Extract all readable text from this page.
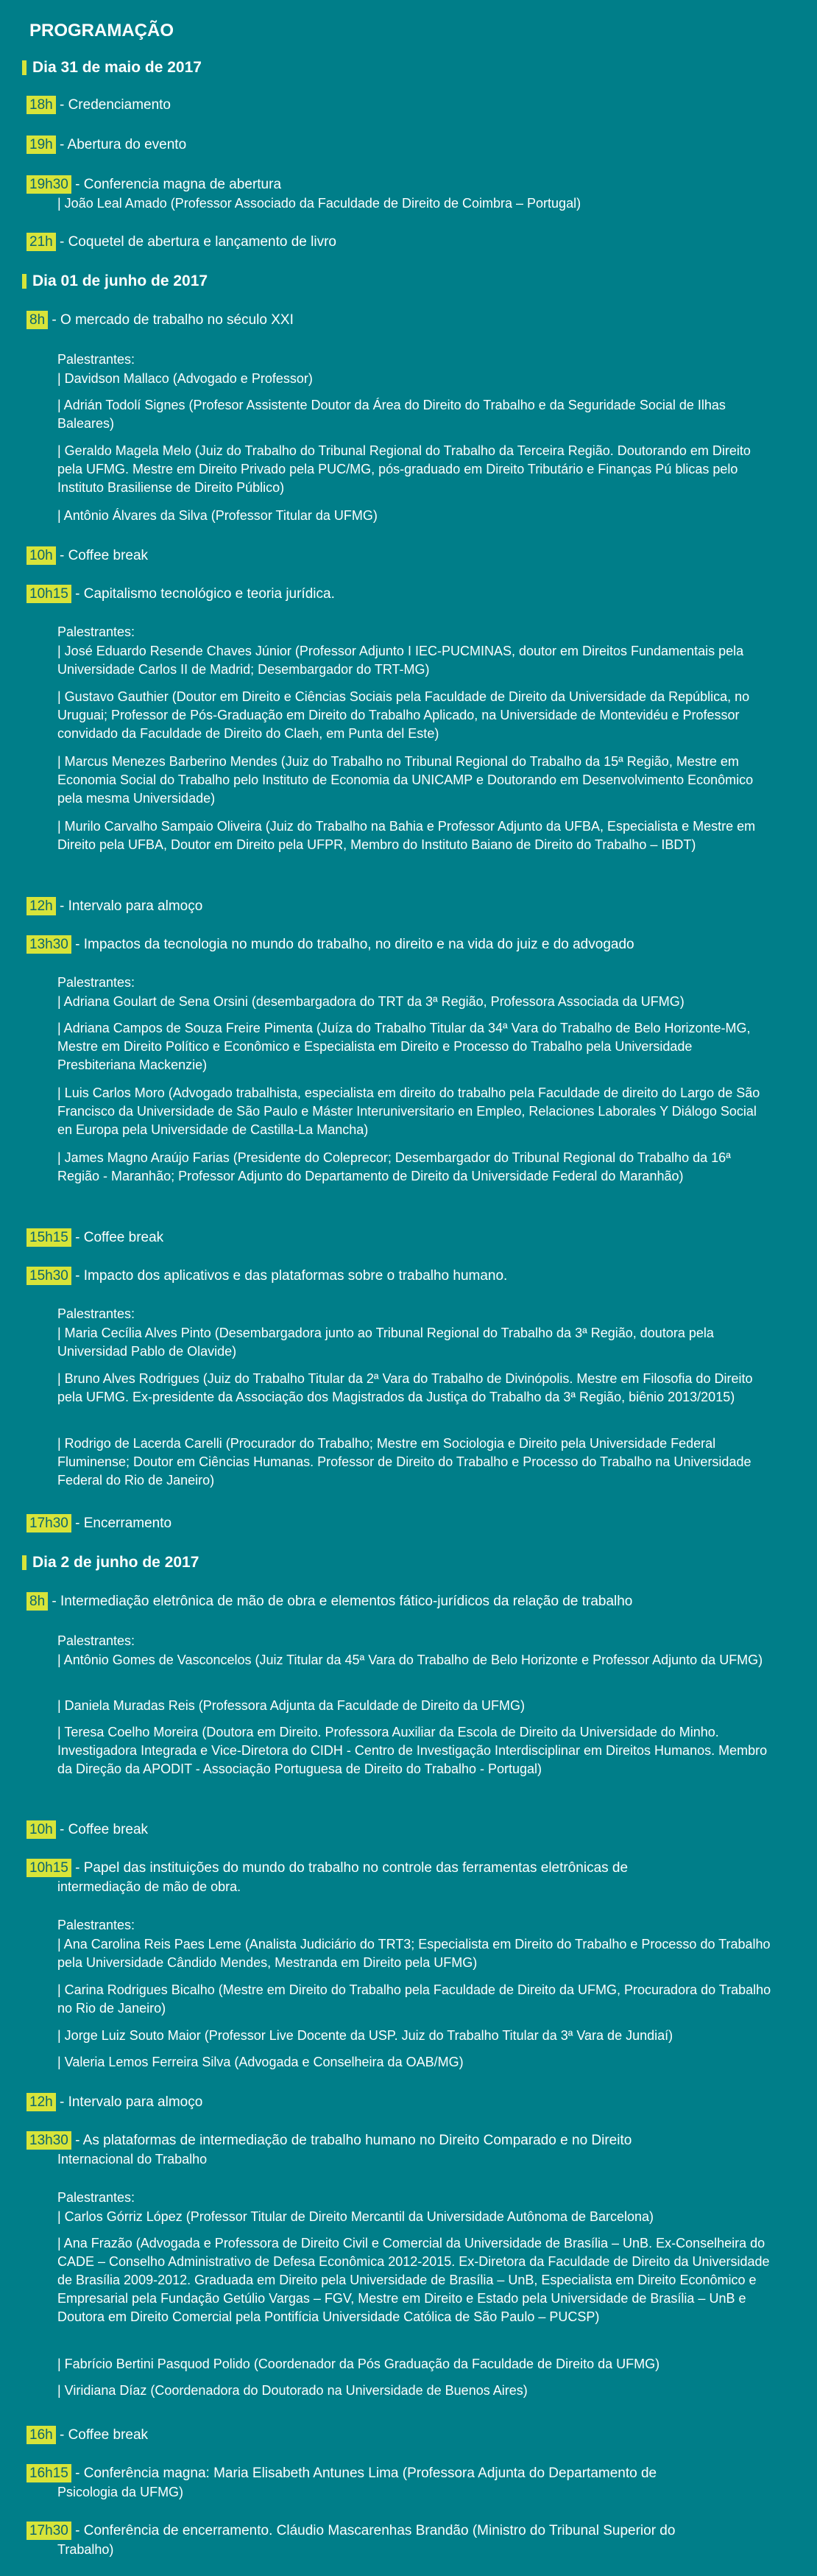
PROGRAMAÇÃO
Dia 31 de maio de 2017
18h - Credenciamento
19h - Abertura do evento
19h30 - Conferencia magna de abertura
| João Leal Amado (Professor Associado da Faculdade de Direito de Coimbra – Portugal)
21h - Coquetel de abertura e lançamento de livro
Dia 01 de junho de 2017
8h - O mercado de trabalho no século XXI
Palestrantes:
| Davidson Mallaco (Advogado e Professor)
| Adrián Todolí Signes (Profesor Assistente Doutor da Área do Direito do Trabalho e da Seguridade Social de Ilhas Baleares)
| Geraldo Magela Melo (Juiz do Trabalho do Tribunal Regional do Trabalho da Terceira Região. Doutorando em Direito pela UFMG. Mestre em Direito Privado pela PUC/MG, pós-graduado em Direito Tributário e Finanças Pú blicas pelo Instituto Brasiliense de Direito Público)
| Antônio Álvares da Silva (Professor Titular da UFMG)
10h - Coffee break
10h15 - Capitalismo tecnológico e teoria jurídica.
Palestrantes:
| José Eduardo Resende Chaves Júnior (Professor Adjunto I IEC-PUCMINAS, doutor em Direitos Fundamentais pela Universidade Carlos II de Madrid; Desembargador do TRT-MG)
| Gustavo Gauthier (Doutor em Direito e Ciências Sociais pela Faculdade de Direito da Universidade da República, no Uruguai; Professor de Pós-Graduação em Direito do Trabalho Aplicado, na Universidade de Montevidéu e Professor convidado da Faculdade de Direito do Claeh, em Punta del Este)
| Marcus Menezes Barberino Mendes (Juiz do Trabalho no Tribunal Regional do Trabalho da 15ª Região, Mestre em Economia Social do Trabalho pelo Instituto de Economia da UNICAMP e Doutorando em Desenvolvimento Econômico pela mesma Universidade)
| Murilo Carvalho Sampaio Oliveira (Juiz do Trabalho na Bahia e Professor Adjunto da UFBA, Especialista e Mestre em Direito pela UFBA, Doutor em Direito pela UFPR, Membro do Instituto Baiano de Direito do Trabalho – IBDT)
12h - Intervalo para almoço
13h30 - Impactos da tecnologia no mundo do trabalho, no direito e na vida do juiz e do advogado
Palestrantes:
| Adriana Goulart de Sena Orsini (desembargadora do TRT da 3ª Região, Professora Associada da UFMG)
| Adriana Campos de Souza Freire Pimenta (Juíza do Trabalho Titular da 34ª Vara do Trabalho de Belo Horizonte-MG, Mestre em Direito Político e Econômico e Especialista em Direito e Processo do Trabalho pela Universidade Presbiteriana Mackenzie)
| Luis Carlos Moro (Advogado trabalhista, especialista em direito do trabalho pela Faculdade de direito do Largo de São Francisco da Universidade de São Paulo e Máster Interuniversitario en Empleo, Relaciones Laborales Y Diálogo Social en Europa pela Universidade de Castilla-La Mancha)
| James Magno Araújo Farias (Presidente do Coleprecor; Desembargador do Tribunal Regional do Trabalho da 16ª Região - Maranhão; Professor Adjunto do Departamento de Direito da Universidade Federal do Maranhão)
15h15 - Coffee break
15h30 - Impacto dos aplicativos e das plataformas sobre o trabalho humano.
Palestrantes:
| Maria Cecília Alves Pinto (Desembargadora junto ao Tribunal Regional do Trabalho da 3ª Região, doutora pela Universidad Pablo de Olavide)
| Bruno Alves Rodrigues (Juiz do Trabalho Titular da 2ª Vara do Trabalho de Divinópolis. Mestre em Filosofia do Direito pela UFMG. Ex-presidente da Associação dos Magistrados da Justiça do Trabalho da 3ª Região, biênio 2013/2015)
| Rodrigo de Lacerda Carelli (Procurador do Trabalho; Mestre em Sociologia e Direito pela Universidade Federal Fluminense; Doutor em Ciências Humanas. Professor de Direito do Trabalho e Processo do Trabalho na Universidade Federal do Rio de Janeiro)
17h30 - Encerramento
Dia 2 de junho de 2017
8h - Intermediação eletrônica de mão de obra e elementos fático-jurídicos da relação de trabalho
Palestrantes:
| Antônio Gomes de Vasconcelos (Juiz Titular da 45ª Vara do Trabalho de Belo Horizonte e Professor Adjunto da UFMG)
| Daniela Muradas Reis (Professora Adjunta da Faculdade de Direito da UFMG)
| Teresa Coelho Moreira (Doutora em Direito. Professora Auxiliar da Escola de Direito da Universidade do Minho. Investigadora Integrada e Vice-Diretora do CIDH - Centro de Investigação Interdisciplinar em Direitos Humanos. Membro da Direção da APODIT - Associação Portuguesa de Direito do Trabalho - Portugal)
10h - Coffee break
10h15 - Papel das instituições do mundo do trabalho no controle das ferramentas eletrônicas de
intermediação de mão de obra.
Palestrantes:
| Ana Carolina Reis Paes Leme (Analista Judiciário do TRT3; Especialista em Direito do Trabalho e Processo do Trabalho pela Universidade Cândido Mendes, Mestranda em Direito pela UFMG)
| Carina Rodrigues Bicalho (Mestre em Direito do Trabalho pela Faculdade de Direito da UFMG, Procuradora do Trabalho no Rio de Janeiro)
| Jorge Luiz Souto Maior (Professor Live Docente da USP. Juiz do Trabalho Titular da 3ª Vara de Jundiaí)
| Valeria Lemos Ferreira Silva (Advogada e Conselheira da OAB/MG)
12h - Intervalo para almoço
13h30 - As plataformas de intermediação de trabalho humano no Direito Comparado e no Direito
Internacional do Trabalho
Palestrantes:
| Carlos Górriz López (Professor Titular de Direito Mercantil da Universidade Autônoma de Barcelona)
| Ana Frazão (Advogada e Professora de Direito Civil e Comercial da Universidade de Brasília – UnB. Ex-Conselheira do CADE – Conselho Administrativo de Defesa Econômica 2012-2015. Ex-Diretora da Faculdade de Direito da Universidade de Brasília 2009-2012. Graduada em Direito pela Universidade de Brasília – UnB, Especialista em Direito Econômico e Empresarial pela Fundação Getúlio Vargas – FGV, Mestre em Direito e Estado pela Universidade de Brasília – UnB e Doutora em Direito Comercial pela Pontifícia Universidade Católica de São Paulo – PUCSP)
| Fabrício Bertini Pasquod Polido (Coordenador da Pós Graduação da Faculdade de Direito da UFMG)
| Viridiana Díaz (Coordenadora do Doutorado na Universidade de Buenos Aires)
16h - Coffee break
16h15 - Conferência magna: Maria Elisabeth Antunes Lima (Professora Adjunta do Departamento de
Psicologia da UFMG)
17h30 - Conferência de encerramento. Cláudio Mascarenhas Brandão (Ministro do Tribunal Superior do
Trabalho)
